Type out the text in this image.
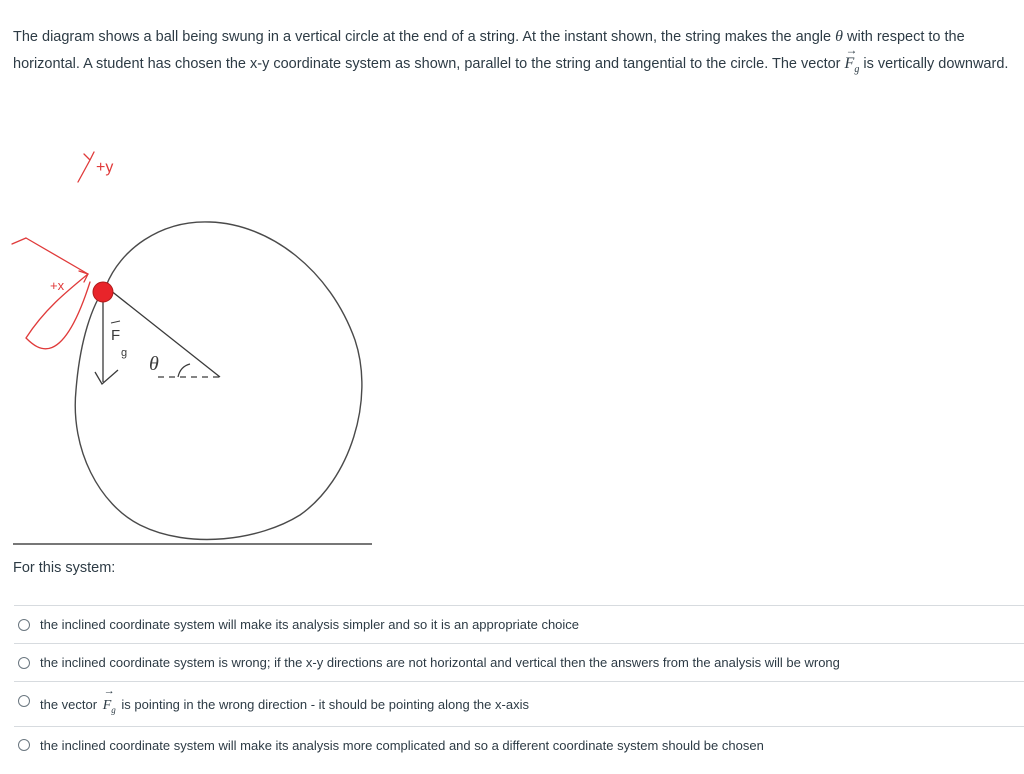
The diagram shows a ball being swung in a vertical circle at the end of a string. At the instant shown, the string makes the angle θ with respect to the horizontal. A student has chosen the x-y coordinate system as shown, parallel to the string and tangential to the circle. The vector
→
$F_g$ is vertically downward.
+y
+x
θ
F
g
For this system:
the inclined coordinate system will make its analysis simpler and so it is an appropriate choice
the inclined coordinate system is wrong; if the x-y directions are not horizontal and vertical then the answers from the analysis will be wrong
the vector
→
$F_g$ is pointing in the wrong direction - it should be pointing along the x-axis
the inclined coordinate system will make its analysis more complicated and so a different coordinate system should be chosen
